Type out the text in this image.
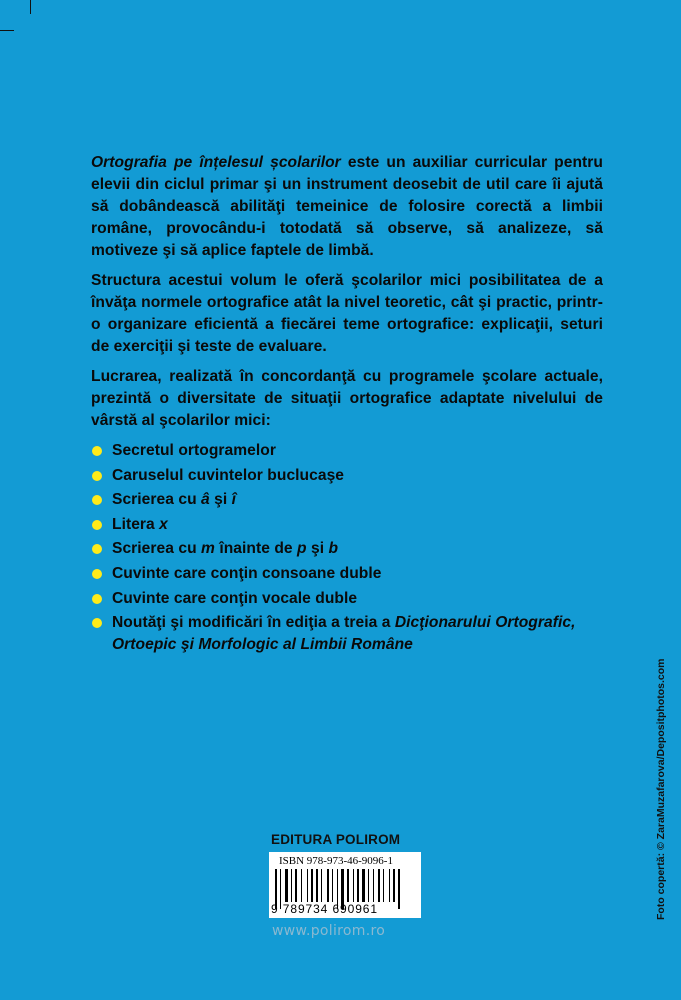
Ortografia pe înțelesul școlarilor este un auxiliar curricular pentru elevii din ciclul primar şi un instrument deosebit de util care îi ajută să dobândească abilităţi temeinice de folosire corectă a limbii române, provocându-i totodată să observe, să analizeze, să motiveze şi să aplice faptele de limbă.

Structura acestui volum le oferă şcolarilor mici posibilitatea de a învăţa normele ortografice atât la nivel teoretic, cât şi practic, printr-o organizare eficientă a fiecărei teme ortografice: explicaţii, seturi de exerciţii şi teste de evaluare.

Lucrarea, realizată în concordanţă cu programele şcolare actuale, prezintă o diversitate de situaţii ortografice adaptate nivelului de vârstă al şcolarilor mici:

Secretul ortogramelor
Caruselul cuvintelor buclucaşe
Scrierea cu â şi î
Litera x
Scrierea cu m înainte de p şi b
Cuvinte care conţin consoane duble
Cuvinte care conţin vocale duble
Noutăţi şi modificări în ediţia a treia a Dicţionarului Ortografic, Ortoepic şi Morfologic al Limbii Române
EDITURA POLIROM
ISBN 978-973-46-9096-1
9 789734 690961
www.polirom.ro
Foto copertă: © ZaraMuzafarova/Depositphotos.com
